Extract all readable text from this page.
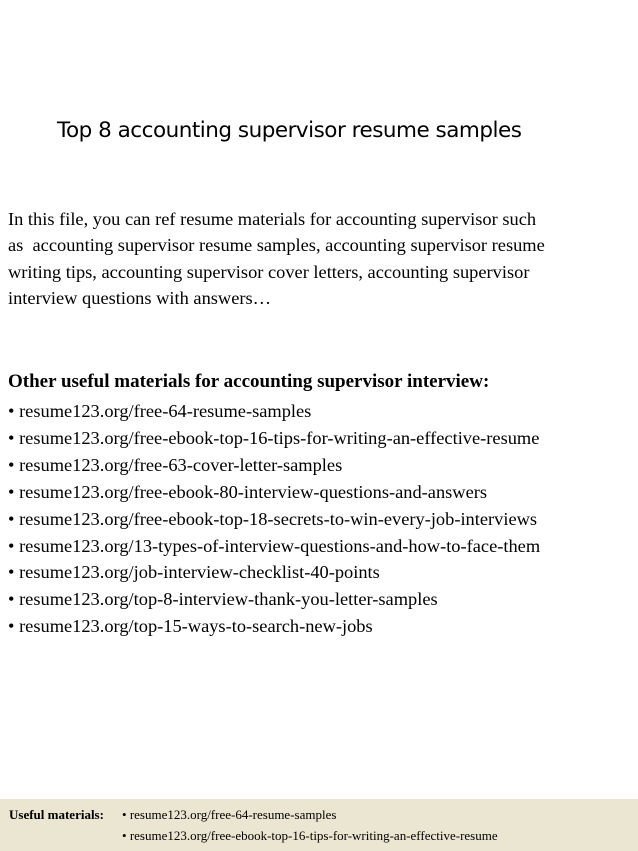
Top 8 accounting supervisor resume samples

In this file, you can ref resume materials for accounting supervisor such
as  accounting supervisor resume samples, accounting supervisor resume
writing tips, accounting supervisor cover letters, accounting supervisor
interview questions with answers…

Other useful materials for accounting supervisor interview:
• resume123.org/free-64-resume-samples
• resume123.org/free-ebook-top-16-tips-for-writing-an-effective-resume
• resume123.org/free-63-cover-letter-samples
• resume123.org/free-ebook-80-interview-questions-and-answers
• resume123.org/free-ebook-top-18-secrets-to-win-every-job-interviews
• resume123.org/13-types-of-interview-questions-and-how-to-face-them
• resume123.org/job-interview-checklist-40-points
• resume123.org/top-8-interview-thank-you-letter-samples
• resume123.org/top-15-ways-to-search-new-jobs
Useful materials: • resume123.org/free-64-resume-samples
• resume123.org/free-ebook-top-16-tips-for-writing-an-effective-resume
